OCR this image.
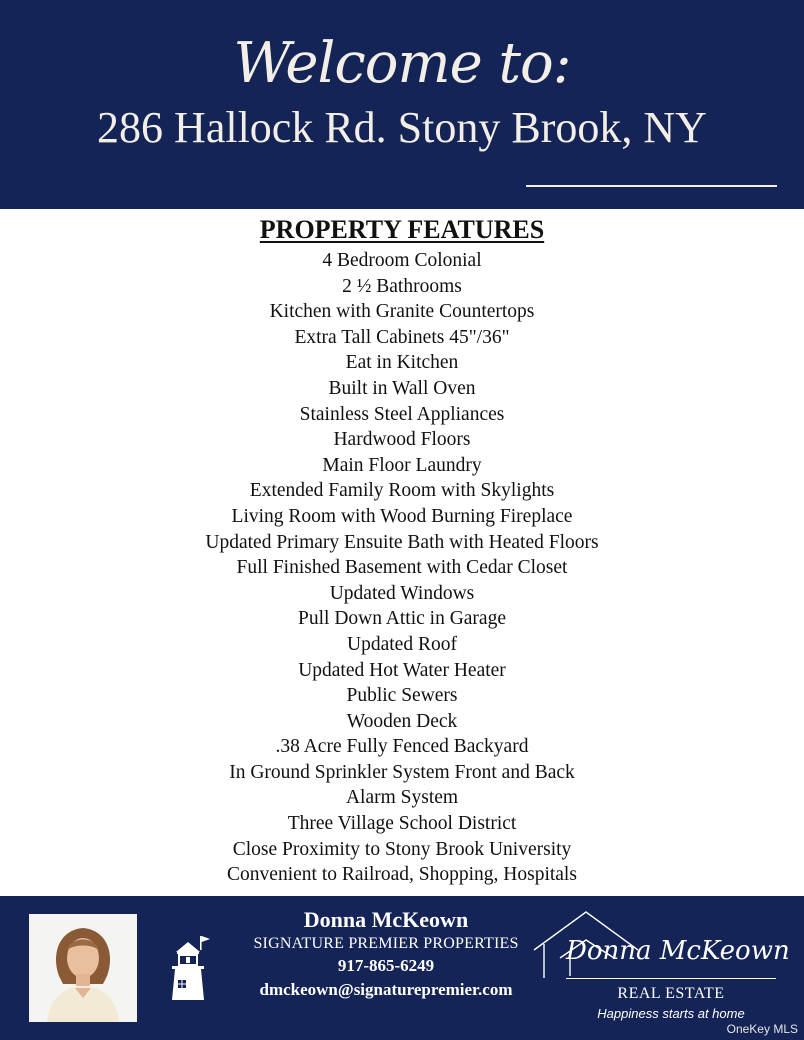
Welcome to:
286 Hallock Rd. Stony Brook, NY
PROPERTY FEATURES
4 Bedroom Colonial
2 ½ Bathrooms
Kitchen with Granite Countertops
Extra Tall Cabinets 45"/36"
Eat in Kitchen
Built in Wall Oven
Stainless Steel Appliances
Hardwood Floors
Main Floor Laundry
Extended Family Room with Skylights
Living Room with Wood Burning Fireplace
Updated Primary Ensuite Bath with Heated Floors
Full Finished Basement with Cedar Closet
Updated Windows
Pull Down Attic in Garage
Updated Roof
Updated Hot Water Heater
Public Sewers
Wooden Deck
.38 Acre Fully Fenced Backyard
In Ground Sprinkler System Front and Back
Alarm System
Three Village School District
Close Proximity to Stony Brook University
Convenient to Railroad, Shopping, Hospitals
Donna McKeown
SIGNATURE PREMIER PROPERTIES
917-865-6249
dmckeown@signaturepremier.com
Donna McKeown
REAL ESTATE
Happiness starts at home
OneKey MLS
